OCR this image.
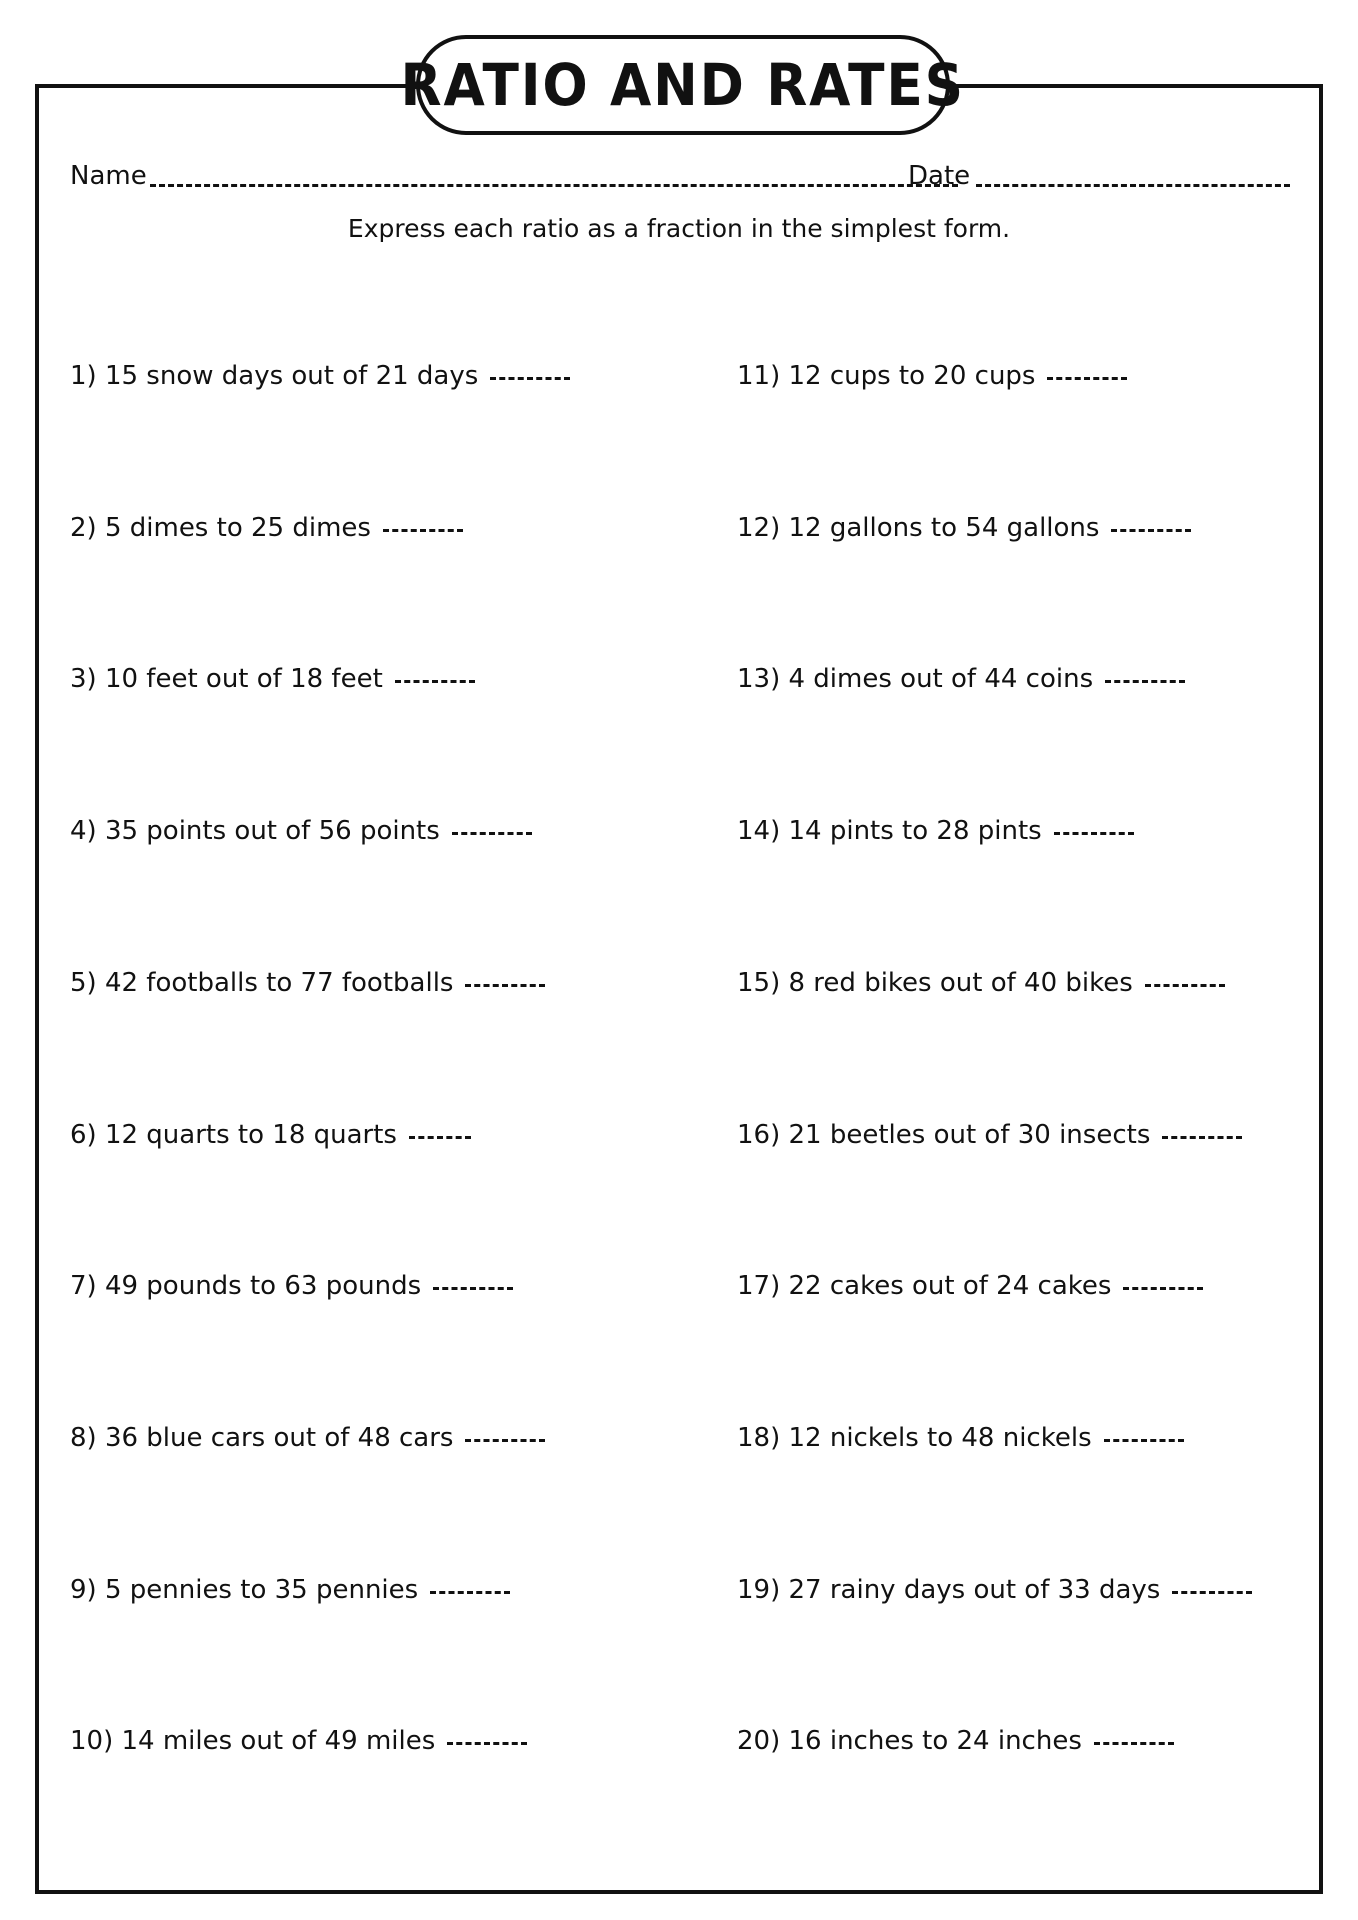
RATIO AND RATES
Name	Date
Express each ratio as a fraction in the simplest form.
1)
15 snow days out of 21 days
2)
5 dimes to 25 dimes
3)
10 feet out of 18 feet
4)
35 points out of 56 points
5)
42 footballs to 77 footballs
6)
12 quarts to 18 quarts
7)
49 pounds to 63 pounds
8)
36 blue cars out of 48 cars
9)
5 pennies to 35 pennies
10)
14 miles out of 49 miles
11)
12 cups to 20 cups
12)
12 gallons to 54 gallons
13)
4 dimes out of 44 coins
14)
14 pints to 28 pints
15)
8 red bikes out of 40 bikes
16)
21 beetles out of 30 insects
17)
22 cakes out of 24 cakes
18)
12 nickels to 48 nickels
19)
27 rainy days out of 33 days
20)
16 inches to 24 inches
